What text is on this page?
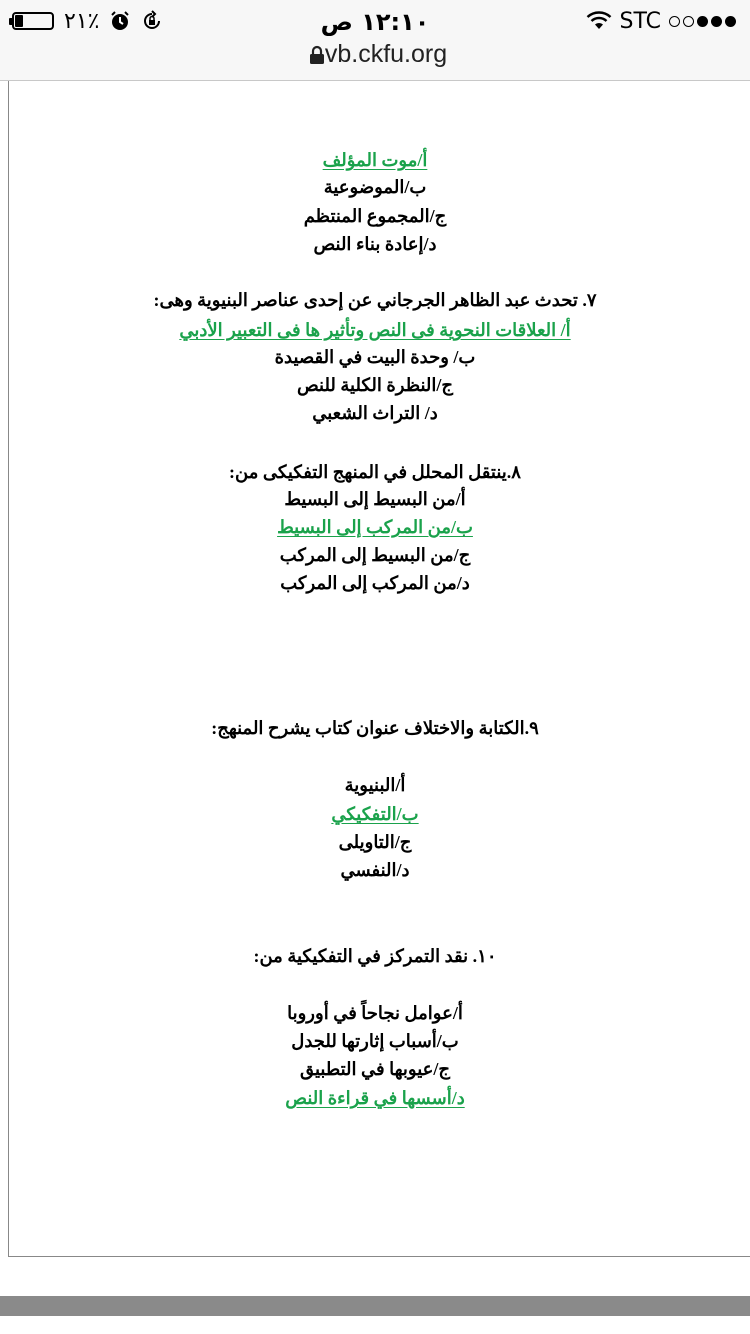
٢١٪	١٢:١٠ ص	STC
vb.ckfu.org
أ/موت المؤلف
ب/الموضوعية
ج/المجموع المنتظم
د/إعادة بناء النص
٧. تحدث عبد الظاهر الجرجاني عن إحدى عناصر البنيوية وهى:
أ/ العلاقات النحوية فى النص وتأثير ها فى التعبير الأدبي
ب/ وحدة البيت في القصيدة
ج/النظرة الكلية للنص
د/ التراث الشعبي
٨.ينتقل المحلل في المنهج التفكيكى من:
أ/من البسيط إلى البسيط
ب/من المركب إلى البسيط
ج/من البسيط إلى المركب
د/من المركب إلى المركب
٩.الكتابة والاختلاف عنوان كتاب يشرح المنهج:
أ/البنيوية
ب/التفكيكي
ج/التاويلى
د/النفسي
١٠. نقد التمركز في التفكيكية من:
أ/عوامل نجاحاً في أوروبا
ب/أسباب إثارتها للجدل
ج/عيوبها في التطبيق
د/أسسها في قراءة النص
